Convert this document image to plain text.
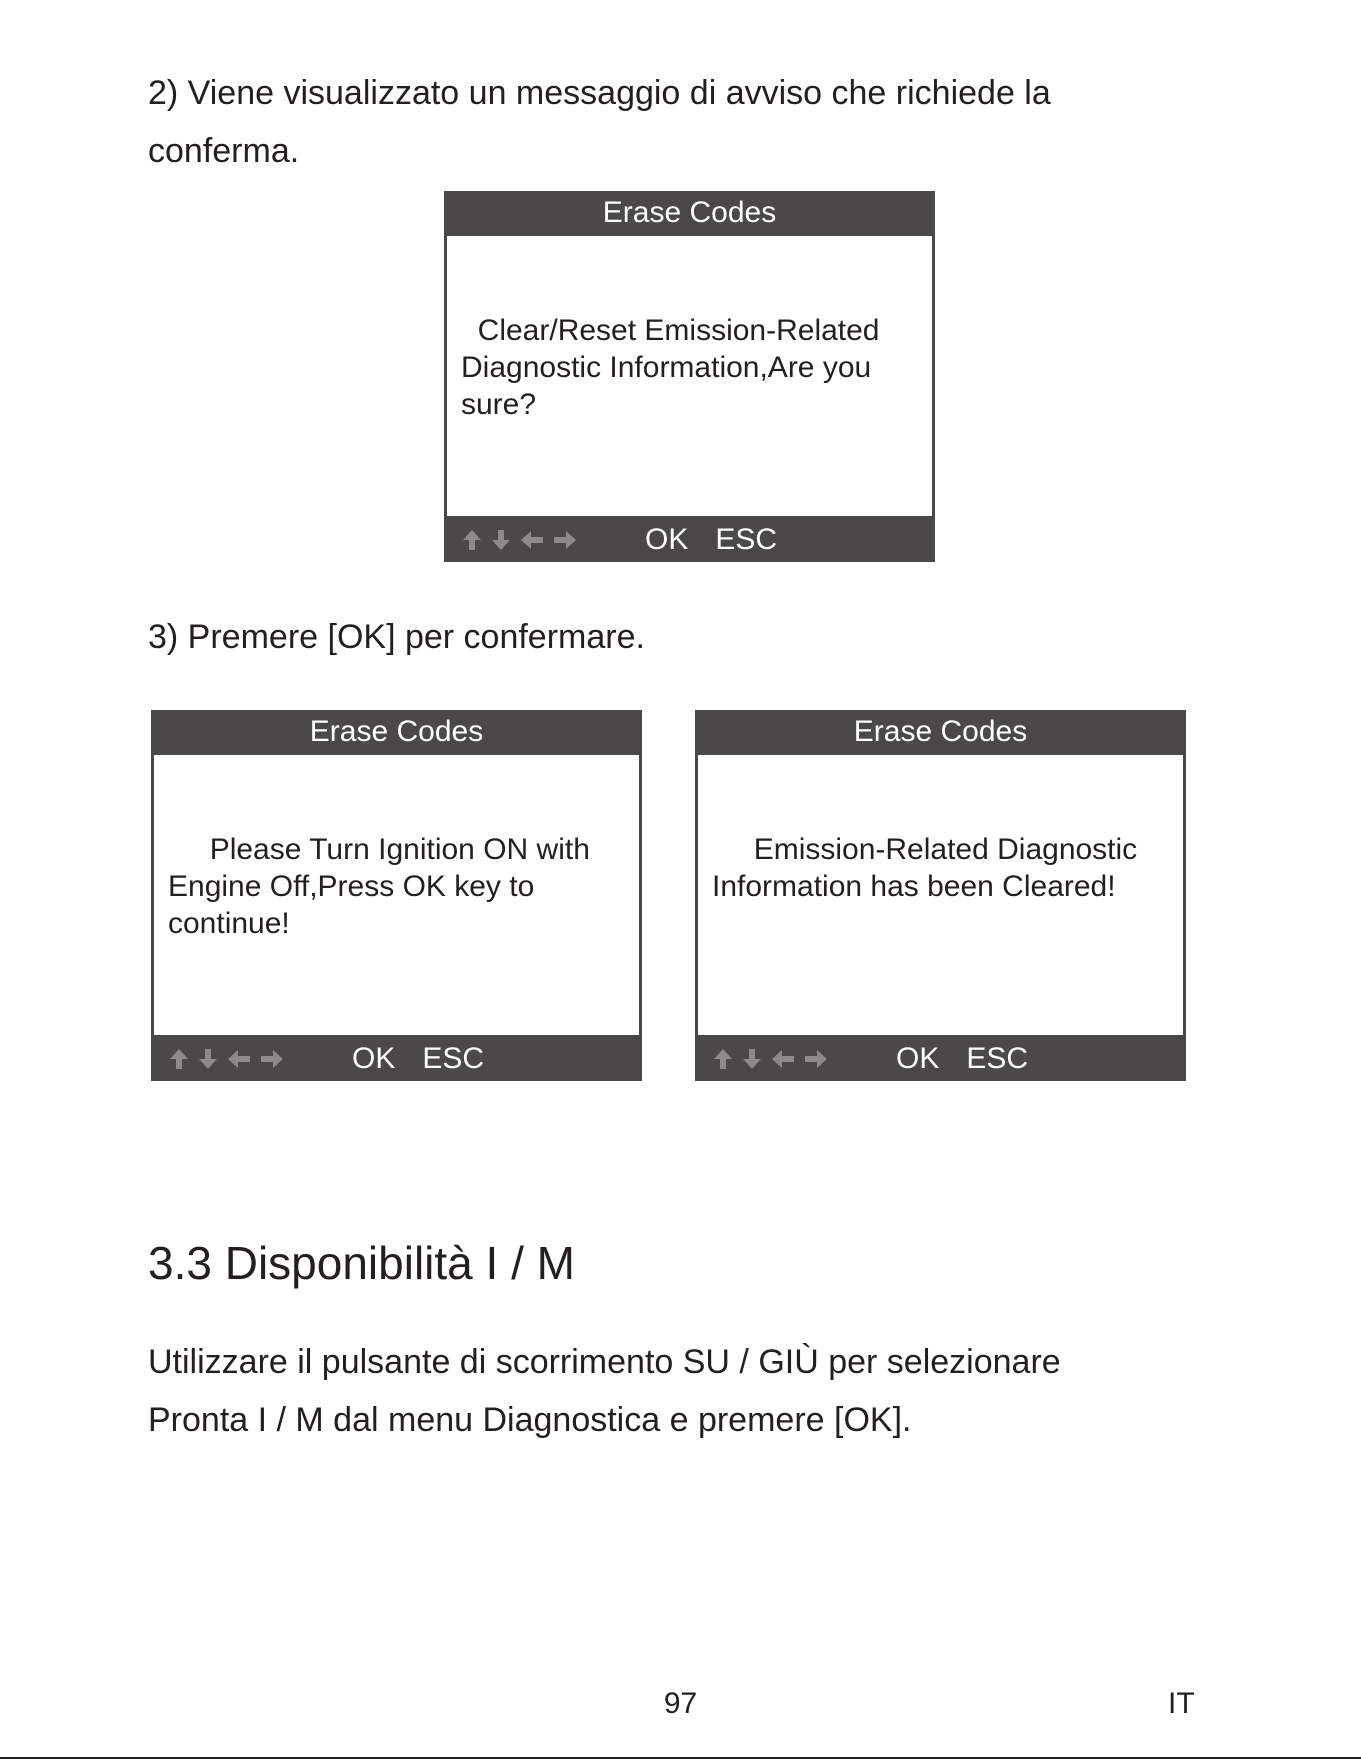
2) Viene visualizzato un messaggio di avviso che richiede la

conferma.

Erase Codes
Clear/Reset Emission-Related
Diagnostic Information,Are you
sure?
OK ESC

3) Premere [OK] per confermare.

Erase Codes
Please Turn Ignition ON with
Engine Off,Press OK key to
continue!
OK ESC
Erase Codes
Emission-Related Diagnostic
Information has been Cleared!
OK ESC
3.3 Disponibilità I / M

Utilizzare il pulsante di scorrimento SU / GIÙ per selezionare

Pronta I / M dal menu Diagnostica e premere [OK].

97	IT
